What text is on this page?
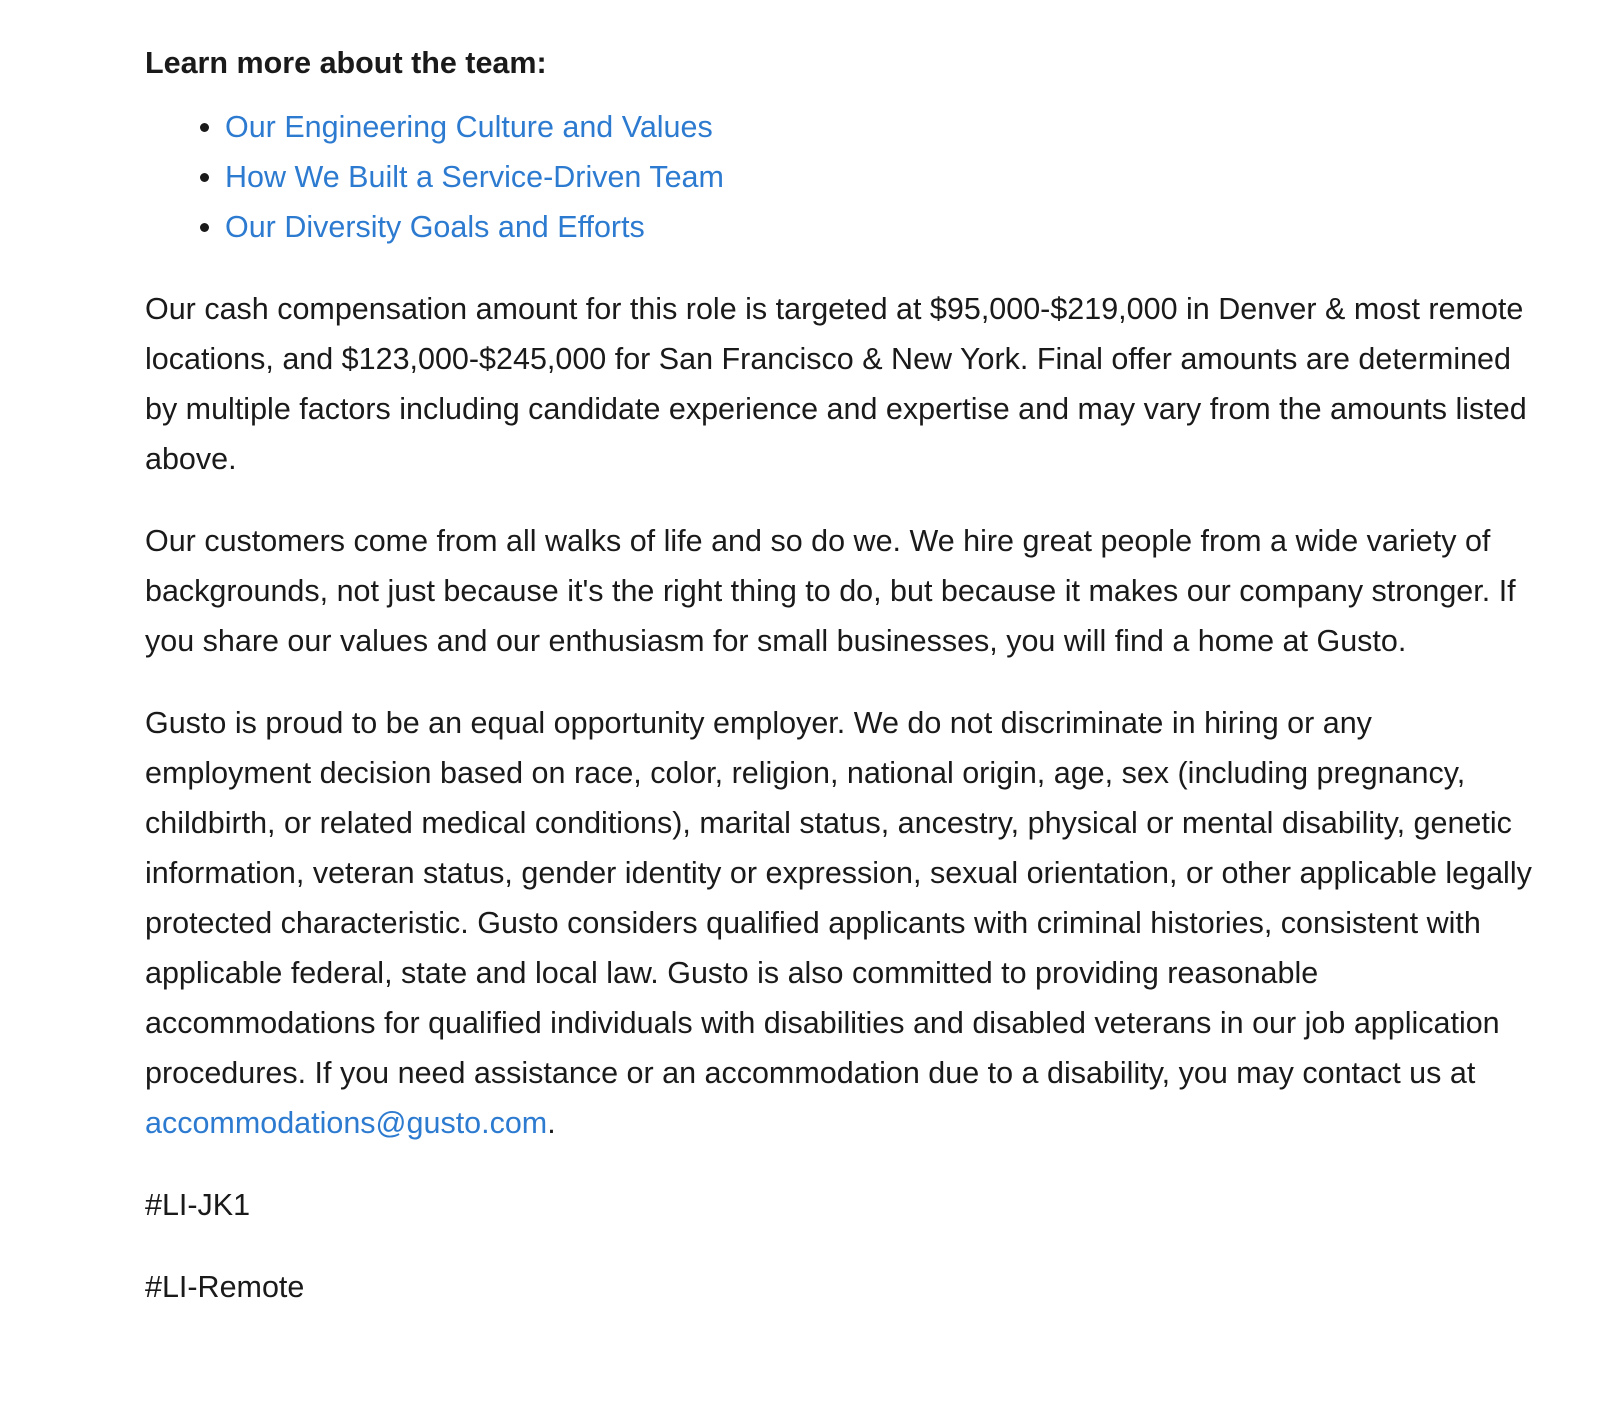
Learn more about the team:
• Our Engineering Culture and Values
• How We Built a Service-Driven Team
• Our Diversity Goals and Efforts

Our cash compensation amount for this role is targeted at $95,000-$219,000 in Denver & most remote locations, and $123,000-$245,000 for San Francisco & New York. Final offer amounts are determined by multiple factors including candidate experience and expertise and may vary from the amounts listed above.

Our customers come from all walks of life and so do we. We hire great people from a wide variety of backgrounds, not just because it's the right thing to do, but because it makes our company stronger. If you share our values and our enthusiasm for small businesses, you will find a home at Gusto.

Gusto is proud to be an equal opportunity employer. We do not discriminate in hiring or any employment decision based on race, color, religion, national origin, age, sex (including pregnancy, childbirth, or related medical conditions), marital status, ancestry, physical or mental disability, genetic information, veteran status, gender identity or expression, sexual orientation, or other applicable legally protected characteristic. Gusto considers qualified applicants with criminal histories, consistent with applicable federal, state and local law. Gusto is also committed to providing reasonable accommodations for qualified individuals with disabilities and disabled veterans in our job application procedures. If you need assistance or an accommodation due to a disability, you may contact us at accommodations@gusto.com.

#LI-JK1

#LI-Remote
